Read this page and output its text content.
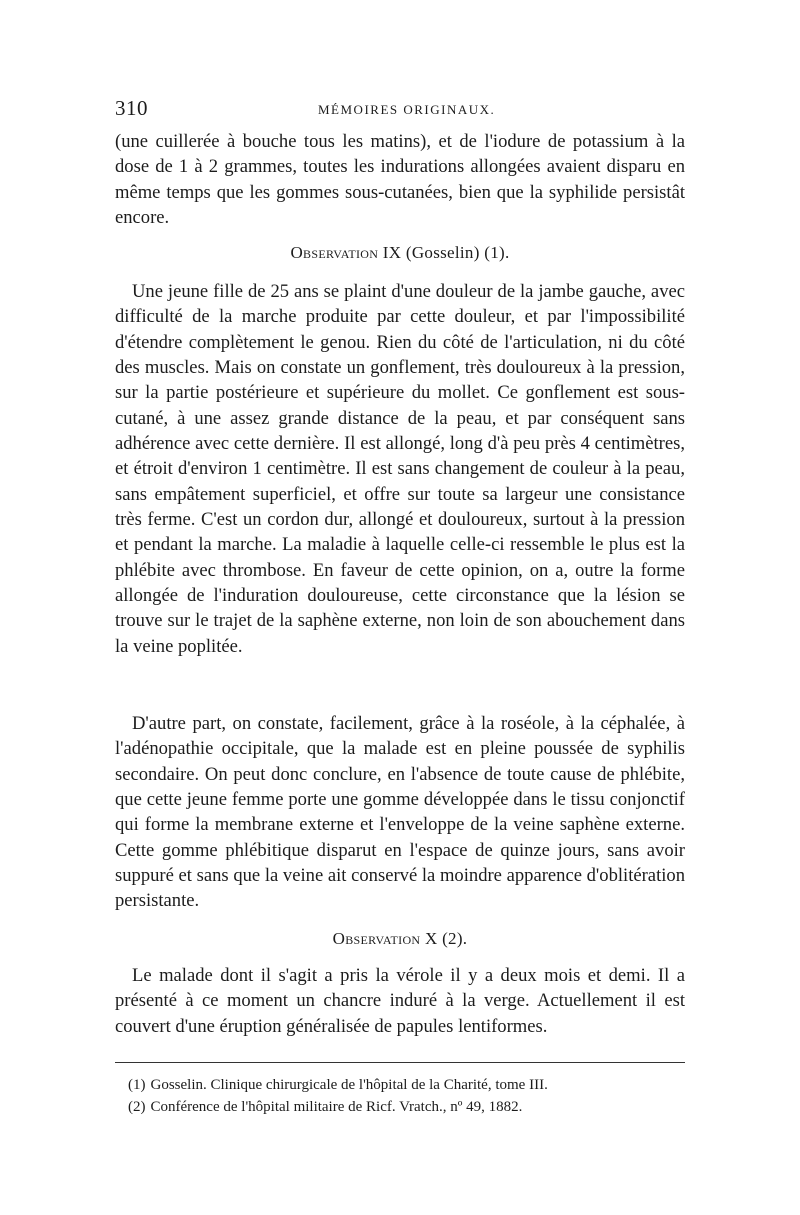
310	MÉMOIRES ORIGINAUX.

(une cuillerée à bouche tous les matins), et de l'iodure de potassium à la dose de 1 à 2 grammes, toutes les indurations allongées avaient disparu en même temps que les gommes sous-cutanées, bien que la syphilide persistât encore.

Observation IX (Gosselin) (1).

Une jeune fille de 25 ans se plaint d'une douleur de la jambe gauche, avec difficulté de la marche produite par cette douleur, et par l'impossibilité d'étendre complètement le genou. Rien du côté de l'articulation, ni du côté des muscles. Mais on constate un gonflement, très douloureux à la pression, sur la partie postérieure et supérieure du mollet. Ce gonflement est sous-cutané, à une assez grande distance de la peau, et par conséquent sans adhérence avec cette dernière. Il est allongé, long d'à peu près 4 centimètres, et étroit d'environ 1 centimètre. Il est sans changement de couleur à la peau, sans empâtement superficiel, et offre sur toute sa largeur une consistance très ferme. C'est un cordon dur, allongé et douloureux, surtout à la pression et pendant la marche. La maladie à laquelle celle-ci ressemble le plus est la phlébite avec thrombose. En faveur de cette opinion, on a, outre la forme allongée de l'induration douloureuse, cette circonstance que la lésion se trouve sur le trajet de la saphène externe, non loin de son abouchement dans la veine poplitée.

D'autre part, on constate, facilement, grâce à la roséole, à la céphalée, à l'adénopathie occipitale, que la malade est en pleine poussée de syphilis secondaire. On peut donc conclure, en l'absence de toute cause de phlébite, que cette jeune femme porte une gomme développée dans le tissu conjonctif qui forme la membrane externe et l'enveloppe de la veine saphène externe. Cette gomme phlébitique disparut en l'espace de quinze jours, sans avoir suppuré et sans que la veine ait conservé la moindre apparence d'oblitération persistante.

Observation X (2).

Le malade dont il s'agit a pris la vérole il y a deux mois et demi. Il a présenté à ce moment un chancre induré à la verge. Actuellement il est couvert d'une éruption généralisée de papules lentiformes.

(1) Gosselin. Clinique chirurgicale de l'hôpital de la Charité, tome III.

(2) Conférence de l'hôpital militaire de Ricf. Vratch., nº 49, 1882.
